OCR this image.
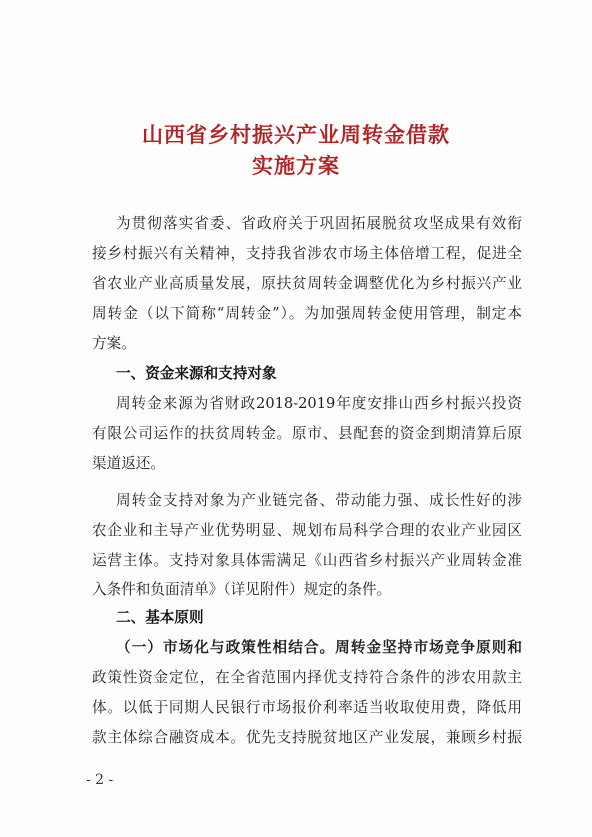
山西省乡村振兴产业周转金借款
实施方案
为贯彻落实省委、省政府关于巩固拓展脱贫攻坚成果有效衔
接乡村振兴有关精神，支持我省涉农市场主体倍增工程，促进全
省农业产业高质量发展，原扶贫周转金调整优化为乡村振兴产业
周转金（以下简称“周转金”）。为加强周转金使用管理，制定本
方案。
一、资金来源和支持对象
周转金来源为省财政2018-2019年度安排山西乡村振兴投资
有限公司运作的扶贫周转金。原市、县配套的资金到期清算后原
渠道返还。
周转金支持对象为产业链完备、带动能力强、成长性好的涉
农企业和主导产业优势明显、规划布局科学合理的农业产业园区
运营主体。支持对象具体需满足《山西省乡村振兴产业周转金准
入条件和负面清单》（详见附件）规定的条件。
二、基本原则
（一）市场化与政策性相结合。周转金坚持市场竞争原则和
政策性资金定位，在全省范围内择优支持符合条件的涉农用款主
体。以低于同期人民银行市场报价利率适当收取使用费，降低用
款主体综合融资成本。优先支持脱贫地区产业发展，兼顾乡村振
- 2 -
